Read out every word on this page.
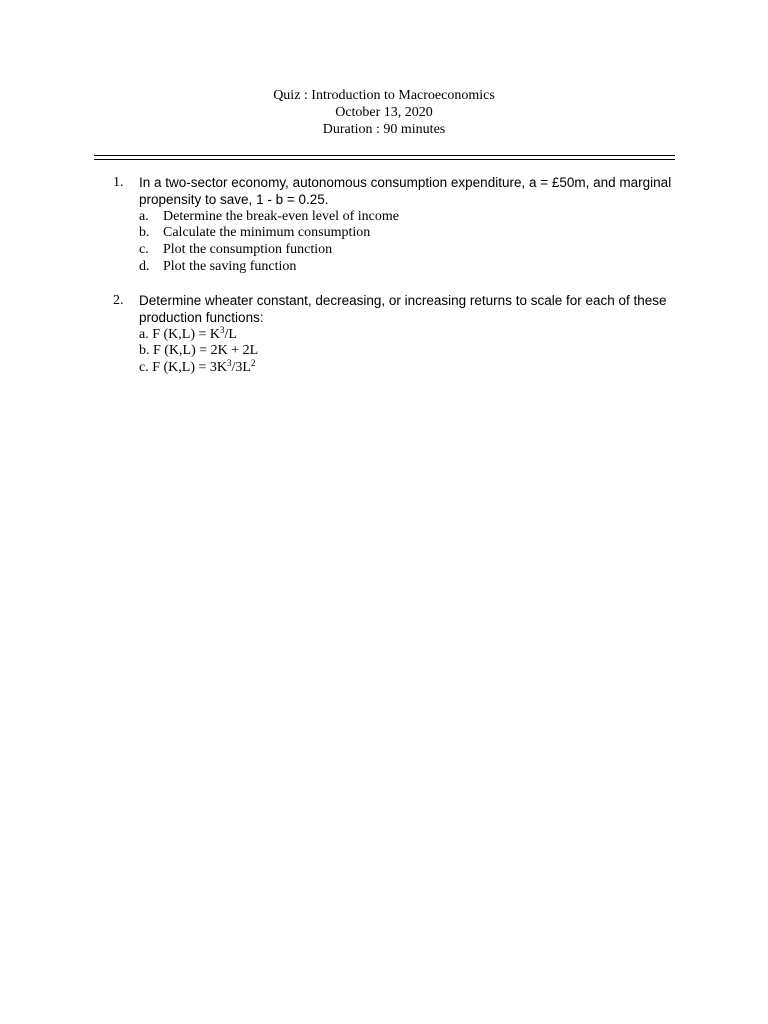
Quiz : Introduction to Macroeconomics
October 13, 2020
Duration : 90 minutes
1.	In a two-sector economy, autonomous consumption expenditure, a = £50m, and marginal propensity to save, 1 - b = 0.25.
a. Determine the break-even level of income
b. Calculate the minimum consumption
c. Plot the consumption function
d. Plot the saving function
2.	Determine wheater constant, decreasing, or increasing returns to scale for each of these production functions:
a. F $(K,L) = K^3/L$
b. F (K,L) = 2K + 2L
c. F $(K,L) = 3K^3/3L^2$
